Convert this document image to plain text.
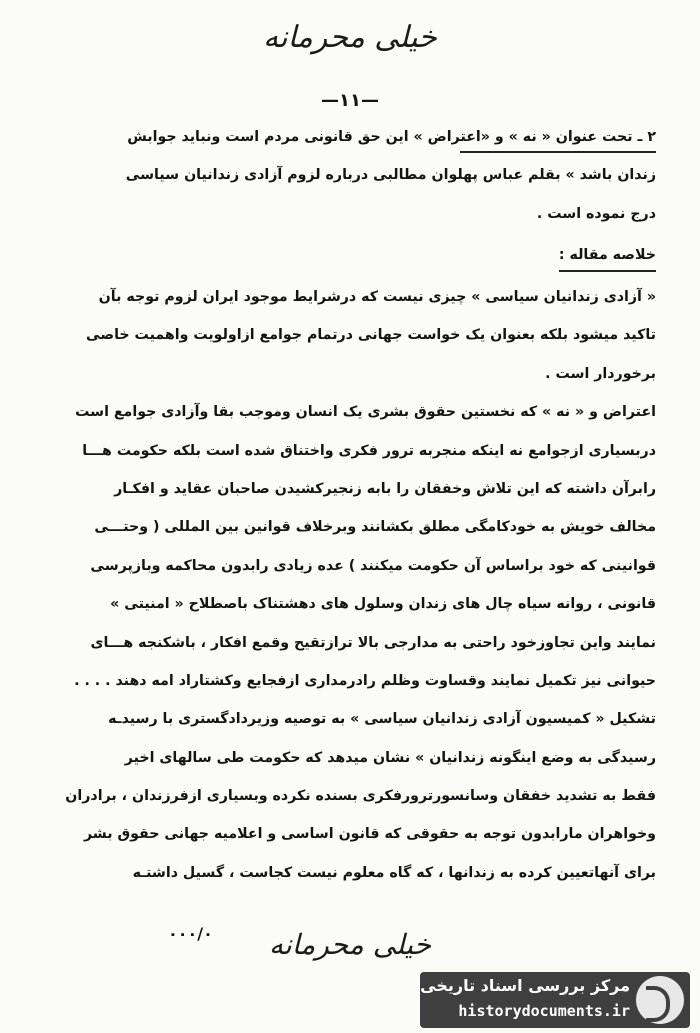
خیلی محرمانه
—۱۱—
۲ ـ تحت عنوان « نه » و «اعتراض » این حق قانونی مردم است ونباید جوابش
زندان باشد » بقلم عباس پهلوان مطالبی درباره لزوم آزادی زندانیان سیاسی
درج نموده است .
خلاصه مقاله :
« آزادی زندانیان سیاسی » چیزی نیست که درشرایط موجود ایران لزوم توجه بآن
تاکید میشود بلکه بعنوان یک خواست جهانی درتمام جوامع ازاولویت واهمیت خاصی
برخوردار است .
اعتراض و « نه » که نخستین حقوق بشری یک انسان وموجب بقا وآزادی جوامع است
دربسیاری ازجوامع نه اینکه منجربه ترور فکری واختناق شده است بلکه حکومت هـــا
رابرآن داشته که این تلاش وخفقان را بابه زنجیرکشیدن صاحبان عقاید و افکـار
مخالف خویش به خودکامگی مطلق بکشانند وبرخلاف قوانین بین المللی ( وحتـــی
قوانینی که خود براساس آن حکومت میکنند ) عده زیادی رابدون محاکمه وبازپرسی
قانونی ، روانه سیاه چال های زندان وسلول های دهشتناک باصطلاح « امنیتی »
نمایند واین تجاوزخود راحتی به مدارجی بالا ترازتقیح وقمع افکار ، باشکنجه هـــای
حیوانی نیز تکمیل نمایند وقساوت وظلم رادرمداری ازفجایع وکشتاراد امه دهند . . . .
تشکیل « کمیسیون آزادی زندانیان سیاسی » به توصیه وزیردادگستری با رسیدـه
رسیدگی به وضع اینگونه زندانیان » نشان میدهد که حکومت طی سالهای اخیر
فقط به تشدید خفقان وسانسورترورفکری بسنده نکرده وبسیاری ازفرزندان ، برادران
وخواهران مارابدون توجه به حقوقی که قانون اساسی و اعلامیه جهانی حقوق بشر
برای آنهاتعیین کرده به زندانها ، که گاه معلوم نیست کجاست ، گسیل داشتـه
۰۰۰/۰	خیلی محرمانه
مرکز بررسی اسناد تاریخی
historydocuments.ir
